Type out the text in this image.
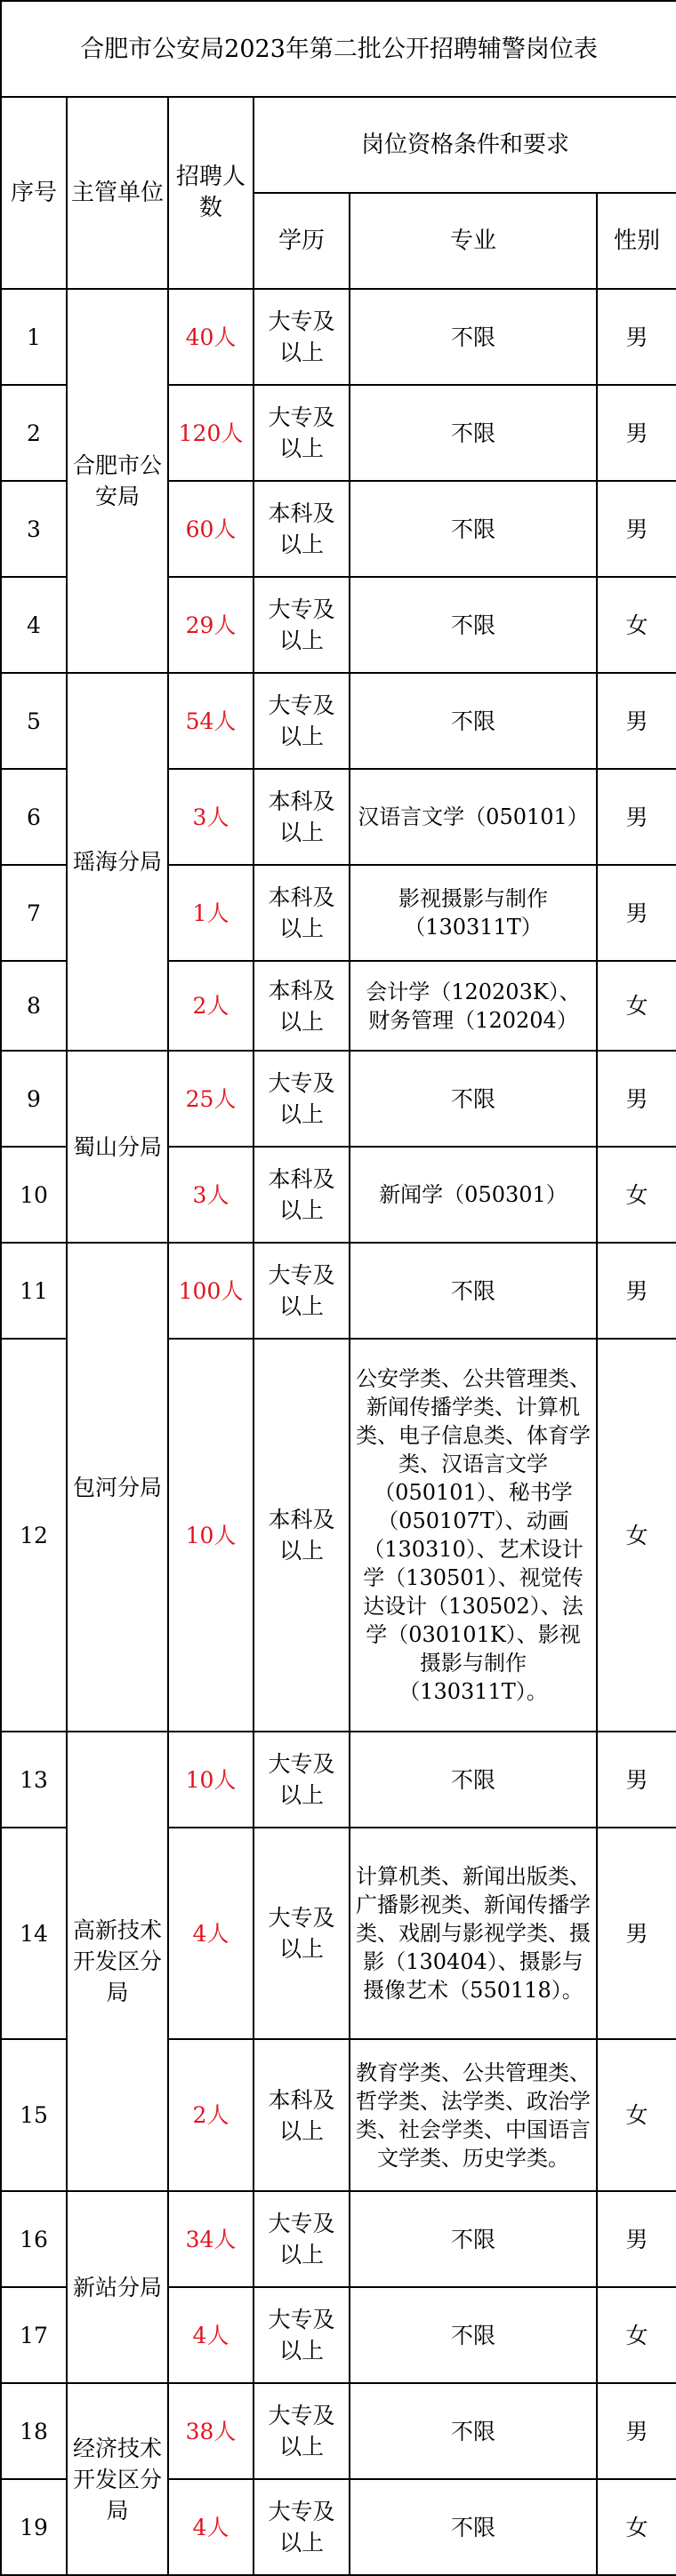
合肥市公安局2023年第二批公开招聘辅警岗位表					
序号	主管单位	招聘人数	岗位资格条件和要求		
			学历	专业	性别
1	合肥市公安局	40人	大专及以上	不限	男
2		120人	大专及以上	不限	男
3		60人	本科及以上	不限	男
4		29人	大专及以上	不限	女
5	瑶海分局	54人	大专及以上	不限	男
6		3人	本科及以上	汉语言文学（050101）	男
7		1人	本科及以上	影视摄影与制作（130311T）	男
8		2人	本科及以上	会计学（120203K）、财务管理（120204）	女
9	蜀山分局	25人	大专及以上	不限	男
10		3人	本科及以上	新闻学（050301）	女
11	包河分局	100人	大专及以上	不限	男
12		10人	本科及以上	公安学类、公共管理类、新闻传播学类、计算机类、电子信息类、体育学类、汉语言文学（050101）、秘书学（050107T）、动画（130310）、艺术设计学（130501）、视觉传达设计（130502）、法学（030101K）、影视摄影与制作（130311T）。	女
13	高新技术开发区分局	10人	大专及以上	不限	男
14		4人	大专及以上	计算机类、新闻出版类、广播影视类、新闻传播学类、戏剧与影视学类、摄影（130404）、摄影与摄像艺术（550118）。	男
15		2人	本科及以上	教育学类、公共管理类、哲学类、法学类、政治学类、社会学类、中国语言文学类、历史学类。	女
16	新站分局	34人	大专及以上	不限	男
17		4人	大专及以上	不限	女
18	经济技术开发区分局	38人	大专及以上	不限	男
19		4人	大专及以上	不限	女
